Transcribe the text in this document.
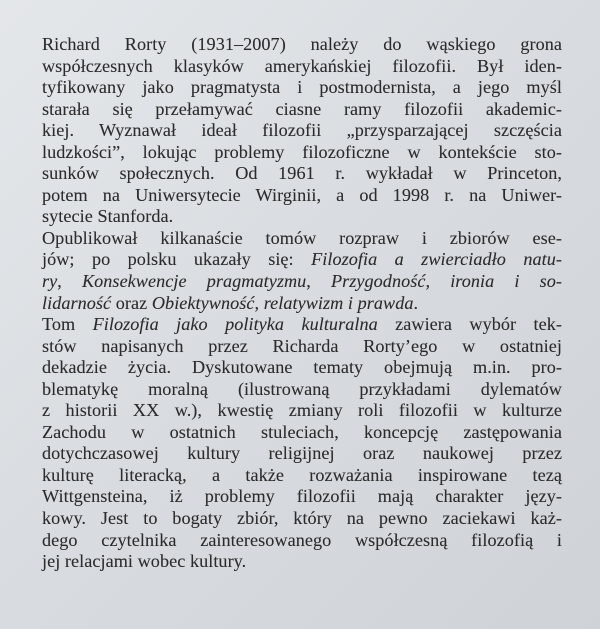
Richard Rorty (1931–2007) należy do wąskiego grona
współczesnych klasyków amerykańskiej filozofii. Był iden-
tyfikowany jako pragmatysta i postmodernista, a jego myśl
starała się przełamywać ciasne ramy filozofii akademic-
kiej. Wyznawał ideał filozofii „przysparzającej szczęścia
ludzkości”, lokując problemy filozoficzne w kontekście sto-
sunków społecznych. Od 1961 r. wykładał w Princeton,
potem na Uniwersytecie Wirginii, a od 1998 r. na Uniwer-
sytecie Stanforda.
Opublikował kilkanaście tomów rozpraw i zbiorów ese-
jów; po polsku ukazały się: Filozofia a zwierciadło natu-
ry, Konsekwencje pragmatyzmu, Przygodność, ironia i so-
lidarność oraz Obiektywność, relatywizm i prawda.
Tom Filozofia jako polityka kulturalna zawiera wybór tek-
stów napisanych przez Richarda Rorty’ego w ostatniej
dekadzie życia. Dyskutowane tematy obejmują m.in. pro-
blematykę moralną (ilustrowaną przykładami dylematów
z historii XX w.), kwestię zmiany roli filozofii w kulturze
Zachodu w ostatnich stuleciach, koncepcję zastępowania
dotychczasowej kultury religijnej oraz naukowej przez
kulturę literacką, a także rozważania inspirowane tezą
Wittgensteina, iż problemy filozofii mają charakter języ-
kowy. Jest to bogaty zbiór, który na pewno zaciekawi każ-
dego czytelnika zainteresowanego współczesną filozofią i
jej relacjami wobec kultury.
